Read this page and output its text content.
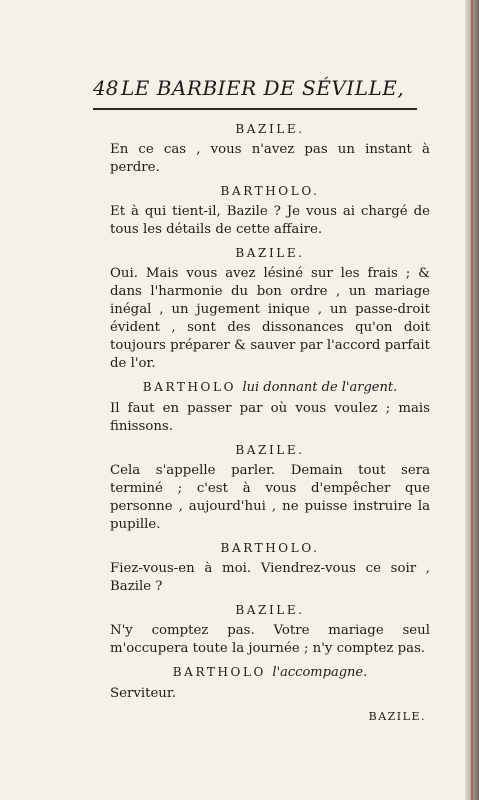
48 LE BARBIER DE SÉVILLE,
BAZILE.

En ce cas , vous n'avez pas un instant à perdre.

BARTHOLO.

Et à qui tient-il, Bazile ? Je vous ai chargé de tous les détails de cette affaire.

BAZILE.

Oui. Mais vous avez lésiné sur les frais ; & dans l'harmonie du bon ordre , un mariage inégal , un jugement inique , un passe-droit évident , sont des dissonances qu'on doit toujours préparer & sauver par l'accord parfait de l'or.

BARTHOLO lui donnant de l'argent.

Il faut en passer par où vous voulez ; mais finissons.

BAZILE.

Cela s'appelle parler. Demain tout sera terminé ; c'est à vous d'empêcher que personne , aujourd'hui , ne puisse instruire la pupille.

BARTHOLO.

Fiez-vous-en à moi. Viendrez-vous ce soir , Bazile ?

BAZILE.

N'y comptez pas. Votre mariage seul m'occupera toute la journée ; n'y comptez pas.

BARTHOLO l'accompagne.

Serviteur.

BAZILE.
